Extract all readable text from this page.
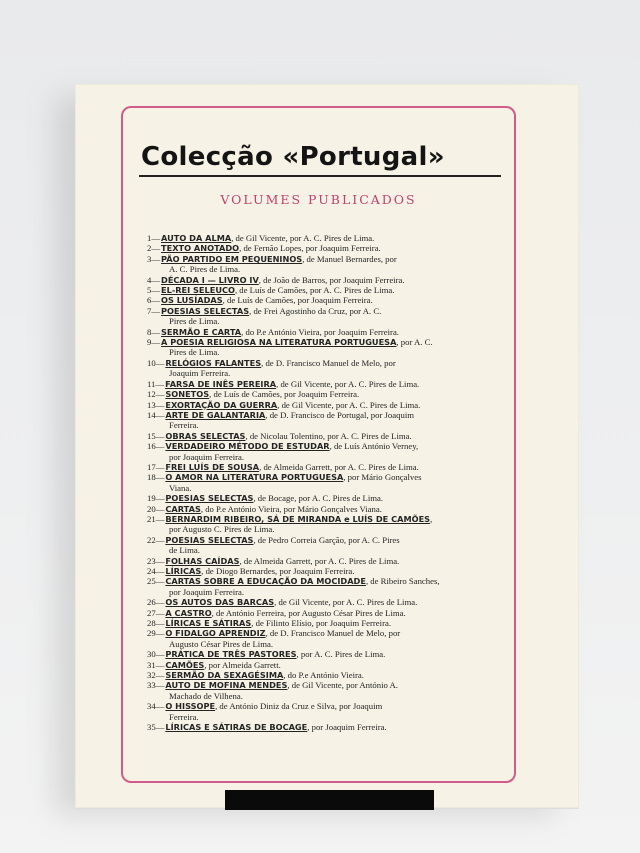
Colecção «Portugal»
VOLUMES PUBLICADOS
1—AUTO DA ALMA, de Gil Vicente, por A. C. Pires de Lima.
2—TEXTO ANOTADO, de Fernão Lopes, por Joaquim Ferreira.
3—PÃO PARTIDO EM PEQUENINOS, de Manuel Bernardes, por
A. C. Pires de Lima.
4—DÉCADA I — LIVRO IV, de João de Barros, por Joaquim Ferreira.
5—EL-REI SELEUCO, de Luís de Camões, por A. C. Pires de Lima.
6—OS LUSÍADAS, de Luís de Camões, por Joaquim Ferreira.
7—POESIAS SELECTAS, de Frei Agostinho da Cruz, por A. C.
Pires de Lima.
8—SERMÃO E CARTA, do P.e António Vieira, por Joaquim Ferreira.
9—A POESIA RELIGIOSA NA LITERATURA PORTUGUESA, por A. C.
Pires de Lima.
10—RELÓGIOS FALANTES, de D. Francisco Manuel de Melo, por
Joaquim Ferreira.
11—FARSA DE INÊS PEREIRA, de Gil Vicente, por A. C. Pires de Lima.
12—SONETOS, de Luís de Camões, por Joaquim Ferreira.
13—EXORTAÇÃO DA GUERRA, de Gil Vicente, por A. C. Pires de Lima.
14—ARTE DE GALANTARIA, de D. Francisco de Portugal, por Joaquim
Ferreira.
15—OBRAS SELECTAS, de Nicolau Tolentino, por A. C. Pires de Lima.
16—VERDADEIRO MÉTODO DE ESTUDAR, de Luís António Verney,
por Joaquim Ferreira.
17—FREI LUÍS DE SOUSA, de Almeida Garrett, por A. C. Pires de Lima.
18—O AMOR NA LITERATURA PORTUGUESA, por Mário Gonçalves
Viana.
19—POESIAS SELECTAS, de Bocage, por A. C. Pires de Lima.
20—CARTAS, do P.e António Vieira, por Mário Gonçalves Viana.
21—BERNARDIM RIBEIRO, SÁ DE MIRANDA e LUÍS DE CAMÕES,
por Augusto C. Pires de Lima.
22—POESIAS SELECTAS, de Pedro Correia Garção, por A. C. Pires
de Lima.
23—FOLHAS CAÍDAS, de Almeida Garrett, por A. C. Pires de Lima.
24—LÍRICAS, de Diogo Bernardes, por Joaquim Ferreira.
25—CARTAS SOBRE A EDUCAÇÃO DA MOCIDADE, de Ribeiro Sanches,
por Joaquim Ferreira.
26—OS AUTOS DAS BARCAS, de Gil Vicente, por A. C. Pires de Lima.
27—A CASTRO, de António Ferreira, por Augusto César Pires de Lima.
28—LÍRICAS E SÁTIRAS, de Filinto Elísio, por Joaquim Ferreira.
29—O FIDALGO APRENDIZ, de D. Francisco Manuel de Melo, por
Augusto César Pires de Lima.
30—PRÁTICA DE TRÊS PASTORES, por A. C. Pires de Lima.
31—CAMÕES, por Almeida Garrett.
32—SERMÃO DA SEXAGÉSIMA, do P.e António Vieira.
33—AUTO DE MOFINA MENDES, de Gil Vicente, por António A.
Machado de Vilhena.
34—O HISSOPE, de António Diniz da Cruz e Silva, por Joaquim
Ferreira.
35—LÍRICAS E SÁTIRAS DE BOCAGE, por Joaquim Ferreira.
